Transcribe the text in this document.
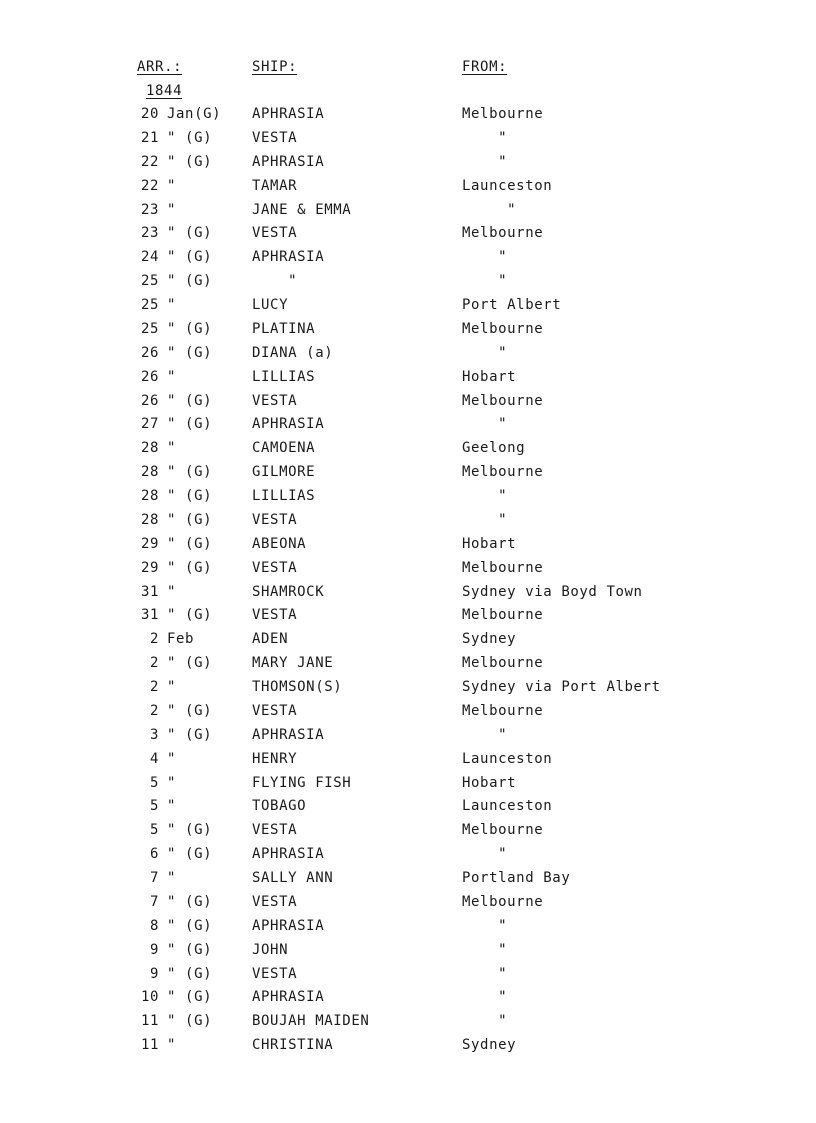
ARR.:	SHIP:	FROM:
1844
20 Jan(G) APHRASIA	Melbourne
21 " (G)	VESTA	"
22 " (G)	APHRASIA	"
22 "	TAMAR	Launceston
23 "	JANE & EMMA	"
23 " (G)	VESTA	Melbourne
24 " (G)	APHRASIA	"
25 " (G)	"	"
25 "	LUCY	Port Albert
25 " (G)	PLATINA	Melbourne
26 " (G)	DIANA (a)	"
26 "	LILLIAS	Hobart
26 " (G)	VESTA	Melbourne
27 " (G)	APHRASIA	"
28 "	CAMOENA	Geelong
28 " (G)	GILMORE	Melbourne
28 " (G)	LILLIAS	"
28 " (G)	VESTA	"
29 " (G)	ABEONA	Hobart
29 " (G)	VESTA	Melbourne
31 "	SHAMROCK	Sydney via Boyd Town
31 " (G)	VESTA	Melbourne
2 Feb	ADEN	Sydney
2 " (G)	MARY JANE	Melbourne
2 "	THOMSON(S)	Sydney via Port Albert
2 " (G)	VESTA	Melbourne
3 " (G)	APHRASIA	"
4 "	HENRY	Launceston
5 "	FLYING FISH	Hobart
5 "	TOBAGO	Launceston
5 " (G)	VESTA	Melbourne
6 " (G)	APHRASIA	"
7 "	SALLY ANN	Portland Bay
7 " (G)	VESTA	Melbourne
8 " (G)	APHRASIA	"
9 " (G)	JOHN	"
9 " (G)	VESTA	"
10 " (G)	APHRASIA	"
11 " (G)	BOUJAH MAIDEN	"
11 "	CHRISTINA	Sydney
